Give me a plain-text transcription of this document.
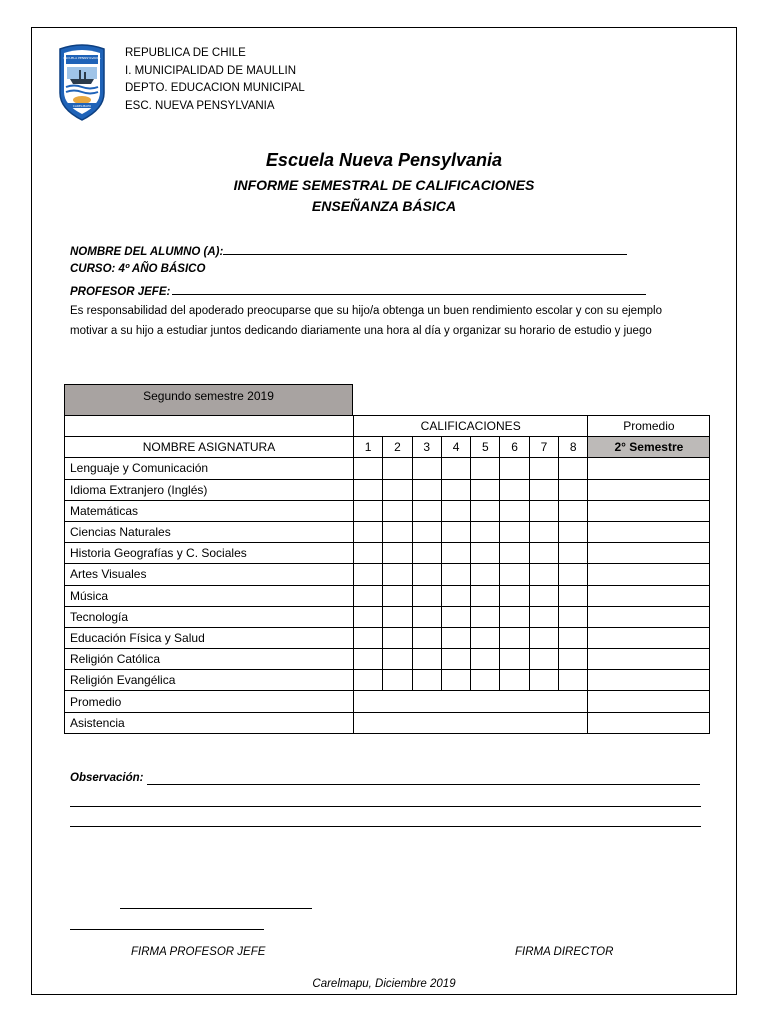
ESCUELA PENNSYLVANIA
CARELMAPU
REPUBLICA DE CHILE
I. MUNICIPALIDAD DE MAULLIN
DEPTO. EDUCACION MUNICIPAL
ESC. NUEVA PENSYLVANIA
Escuela Nueva Pensylvania
INFORME SEMESTRAL DE CALIFICACIONES
ENSEÑANZA BÁSICA
NOMBRE DEL ALUMNO (A):
CURSO: 4º AÑO BÁSICO
PROFESOR JEFE:
Es responsabilidad del apoderado preocuparse que su hijo/a obtenga un buen rendimiento escolar y con su ejemplo motivar a su hijo a estudiar juntos dedicando diariamente una hora al día y organizar su horario de estudio y juego
Segundo semestre 2019
	CALIFICACIONES								Promedio
NOMBRE ASIGNATURA	1	2	3	4	5	6	7	8	2° Semestre
Lenguaje y Comunicación									
Idioma Extranjero (Inglés)									
Matemáticas									
Ciencias Naturales									
Historia Geografías y C. Sociales									
Artes Visuales									
Música									
Tecnología									
Educación Física y Salud									
Religión Católica									
Religión Evangélica									
Promedio									
Asistencia									
Observación:
FIRMA PROFESOR JEFE	FIRMA DIRECTOR
Carelmapu, Diciembre 2019
